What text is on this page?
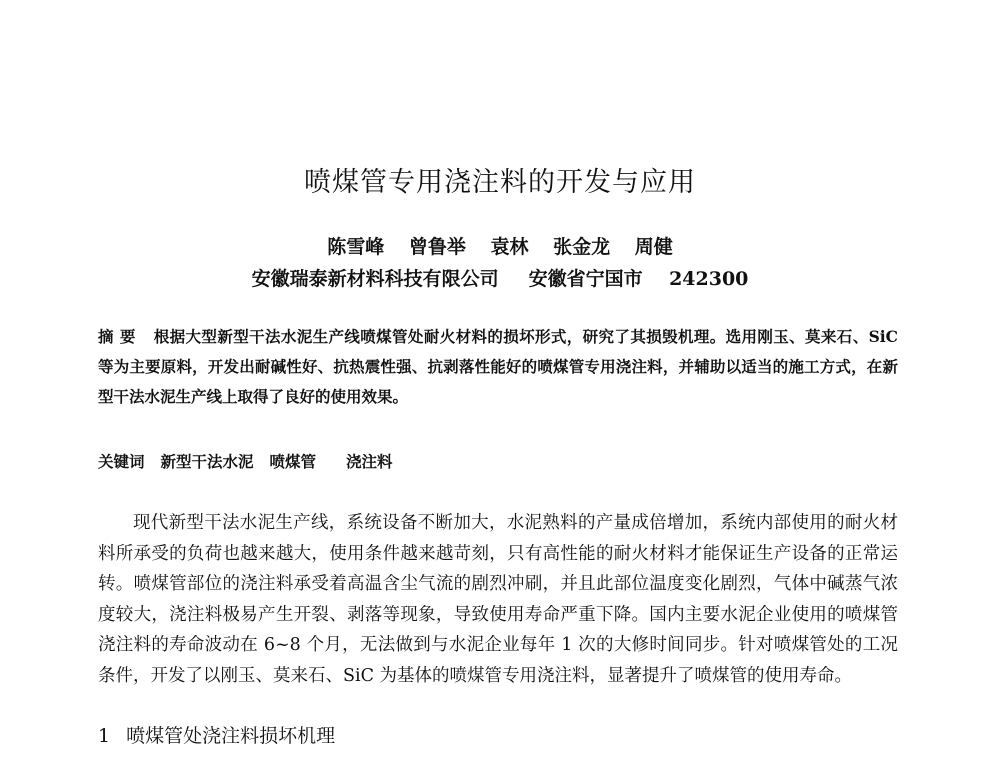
喷煤管专用浇注料的开发与应用
陈雪峰 曾鲁举 袁林 张金龙 周健
安徽瑞泰新材料科技有限公司 安徽省宁国市 242300
摘要 根据大型新型干法水泥生产线喷煤管处耐火材料的损坏形式，研究了其损毁机理。选用刚玉、莫来石、SiC 等为主要原料，开发出耐碱性好、抗热震性强、抗剥落性能好的喷煤管专用浇注料，并辅助以适当的施工方式，在新型干法水泥生产线上取得了良好的使用效果。
关键词 新型干法水泥 喷煤管 浇注料
现代新型干法水泥生产线，系统设备不断加大，水泥熟料的产量成倍增加，系统内部使用的耐火材料所承受的负荷也越来越大，使用条件越来越苛刻，只有高性能的耐火材料才能保证生产设备的正常运转。喷煤管部位的浇注料承受着高温含尘气流的剧烈冲刷，并且此部位温度变化剧烈，气体中碱蒸气浓度较大，浇注料极易产生开裂、剥落等现象，导致使用寿命严重下降。国内主要水泥企业使用的喷煤管浇注料的寿命波动在 6~8 个月，无法做到与水泥企业每年 1 次的大修时间同步。针对喷煤管处的工况条件，开发了以刚玉、莫来石、SiC 为基体的喷煤管专用浇注料，显著提升了喷煤管的使用寿命。
1 喷煤管处浇注料损坏机理
